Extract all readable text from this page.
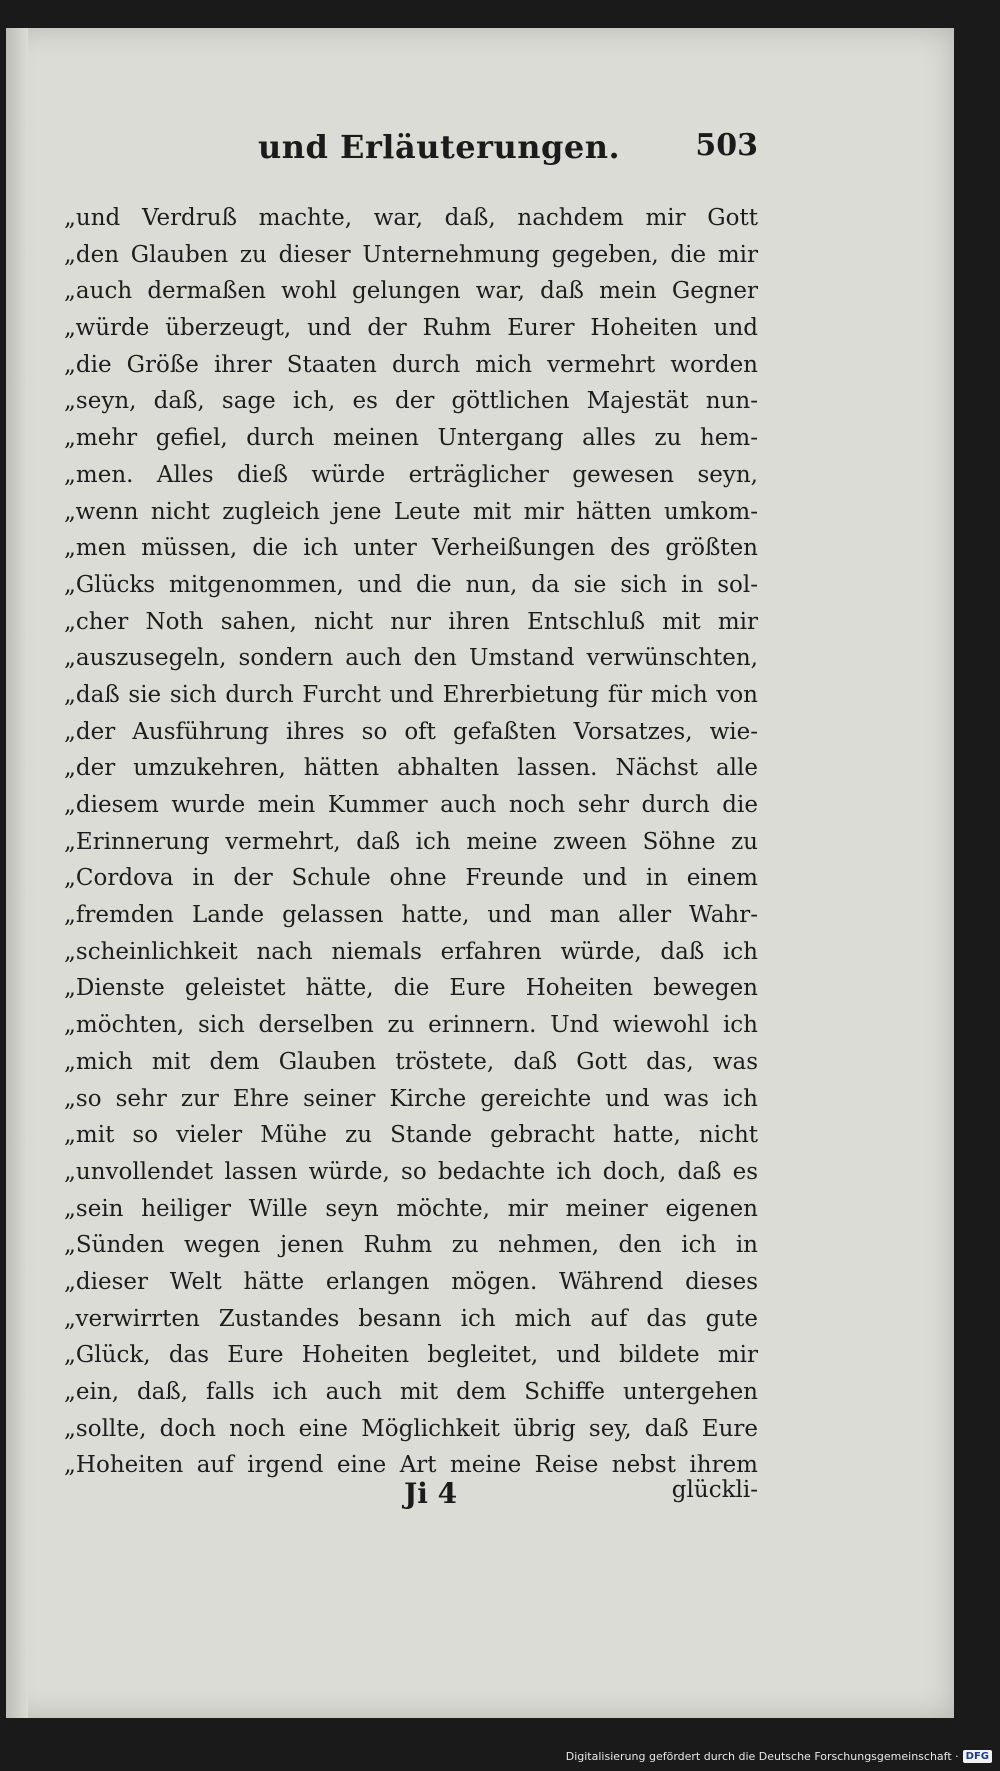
und Erläuterungen.	503
„und Verdruß machte, war, daß, nachdem mir Gott
„den Glauben zu dieser Unternehmung gegeben, die mir
„auch dermaßen wohl gelungen war, daß mein Gegner
„würde überzeugt, und der Ruhm Eurer Hoheiten und
„die Größe ihrer Staaten durch mich vermehrt worden
„seyn, daß, sage ich, es der göttlichen Majestät nun-
„mehr gefiel, durch meinen Untergang alles zu hem-
„men. Alles dieß würde erträglicher gewesen seyn,
„wenn nicht zugleich jene Leute mit mir hätten umkom-
„men müssen, die ich unter Verheißungen des größten
„Glücks mitgenommen, und die nun, da sie sich in sol-
„cher Noth sahen, nicht nur ihren Entschluß mit mir
„auszusegeln, sondern auch den Umstand verwünschten,
„daß sie sich durch Furcht und Ehrerbietung für mich von
„der Ausführung ihres so oft gefaßten Vorsatzes, wie-
„der umzukehren, hätten abhalten lassen. Nächst alle
„diesem wurde mein Kummer auch noch sehr durch die
„Erinnerung vermehrt, daß ich meine zween Söhne zu
„Cordova in der Schule ohne Freunde und in einem
„fremden Lande gelassen hatte, und man aller Wahr-
„scheinlichkeit nach niemals erfahren würde, daß ich
„Dienste geleistet hätte, die Eure Hoheiten bewegen
„möchten, sich derselben zu erinnern. Und wiewohl ich
„mich mit dem Glauben tröstete, daß Gott das, was
„so sehr zur Ehre seiner Kirche gereichte und was ich
„mit so vieler Mühe zu Stande gebracht hatte, nicht
„unvollendet lassen würde, so bedachte ich doch, daß es
„sein heiliger Wille seyn möchte, mir meiner eigenen
„Sünden wegen jenen Ruhm zu nehmen, den ich in
„dieser Welt hätte erlangen mögen. Während dieses
„verwirrten Zustandes besann ich mich auf das gute
„Glück, das Eure Hoheiten begleitet, und bildete mir
„ein, daß, falls ich auch mit dem Schiffe untergehen
„sollte, doch noch eine Möglichkeit übrig sey, daß Eure
„Hoheiten auf irgend eine Art meine Reise nebst ihrem
Ji 4	glückli-
Digitalisierung gefördert durch die Deutsche Forschungsgemeinschaft · DFG
